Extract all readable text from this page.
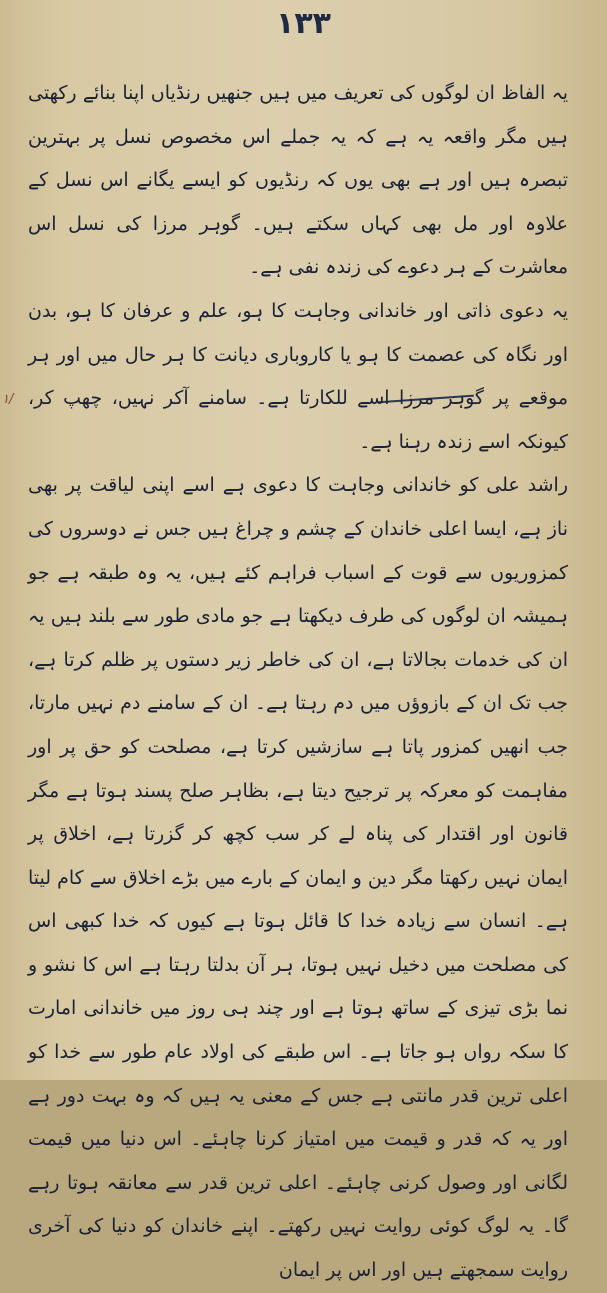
۱۳۳
۱/

یہ الفاظ ان لوگوں کی تعریف میں ہیں جنھیں رنڈیاں اپنا بنائے رکھتی ہیں مگر واقعہ یہ ہے کہ یہ جملے اس مخصوص نسل پر بہترین تبصرہ ہیں اور ہے بھی یوں کہ رنڈیوں کو ایسے یگانے اس نسل کے علاوہ اور مل بھی کہاں سکتے ہیں۔ گوہر مرزا کی نسل اس معاشرت کے ہر دعوے کی زندہ نفی ہے۔

یہ دعوی ذاتی اور خاندانی وجاہت کا ہو، علم و عرفان کا ہو، بدن اور نگاہ کی عصمت کا ہو یا کاروباری دیانت کا ہر حال میں اور ہر موقعے پر گوہر مرزا اسے للکارتا ہے۔ سامنے آکر نہیں، چھپ کر، کیونکہ اسے زندہ رہنا ہے۔

راشد علی کو خاندانی وجاہت کا دعوی ہے اسے اپنی لیاقت پر بھی ناز ہے، ایسا اعلی خاندان کے چشم و چراغ ہیں جس نے دوسروں کی کمزوریوں سے قوت کے اسباب فراہم کئے ہیں، یہ وہ طبقہ ہے جو ہمیشہ ان لوگوں کی طرف دیکھتا ہے جو مادی طور سے بلند ہیں یہ ان کی خدمات بجالاتا ہے، ان کی خاطر زیر دستوں پر ظلم کرتا ہے، جب تک ان کے بازوؤں میں دم رہتا ہے۔ ان کے سامنے دم نہیں مارتا، جب انھیں کمزور پاتا ہے سازشیں کرتا ہے، مصلحت کو حق پر اور مفاہمت کو معرکہ پر ترجیح دیتا ہے، بظاہر صلح پسند ہوتا ہے مگر قانون اور اقتدار کی پناہ لے کر سب کچھ کر گزرتا ہے، اخلاق پر ایمان نہیں رکھتا مگر دین و ایمان کے بارے میں بڑے اخلاق سے کام لیتا ہے۔ انسان سے زیادہ خدا کا قائل ہوتا ہے کیوں کہ خدا کبھی اس کی مصلحت میں دخیل نہیں ہوتا، ہر آن بدلتا رہتا ہے اس کا نشو و نما بڑی تیزی کے ساتھ ہوتا ہے اور چند ہی روز میں خاندانی امارت کا سکہ رواں ہو جاتا ہے۔ اس طبقے کی اولاد عام طور سے خدا کو اعلی ترین قدر مانتی ہے جس کے معنی یہ ہیں کہ وہ بہت دور ہے اور یہ کہ قدر و قیمت میں امتیاز کرنا چاہئے۔ اس دنیا میں قیمت لگانی اور وصول کرنی چاہئے۔ اعلی ترین قدر سے معانقہ ہوتا رہے گا۔ یہ لوگ کوئی روایت نہیں رکھتے۔ اپنے خاندان کو دنیا کی آخری روایت سمجھتے ہیں اور اس پر ایمان
